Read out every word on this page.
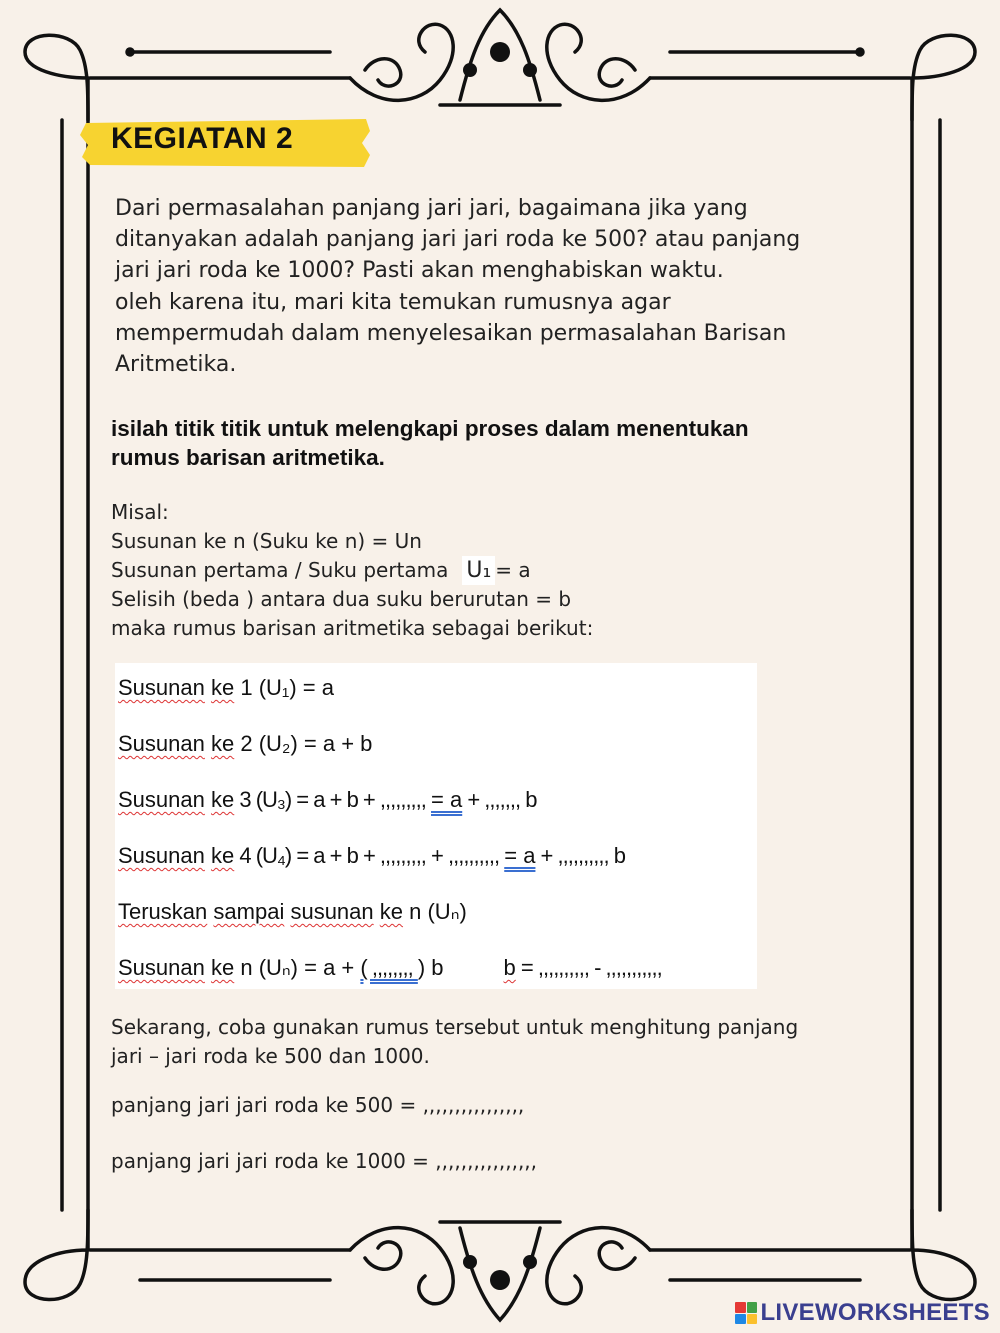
KEGIATAN 2

Dari permasalahan panjang jari jari, bagaimana jika yang

ditanyakan adalah panjang jari jari roda ke 500? atau panjang

jari jari roda ke 1000? Pasti akan menghabiskan waktu.

oleh karena itu, mari kita temukan rumusnya agar

mempermudah dalam menyelesaikan permasalahan Barisan

Aritmetika.

isilah titik titik untuk melengkapi proses dalam menentukan
rumus barisan aritmetika.
Misal:
Susunan ke n (Suku ke n) = Un
Susunan pertama / Suku pertama U₁ = a
Selisih (beda ) antara dua suku berurutan = b
maka rumus barisan aritmetika sebagai berikut:
Susunan ke 1 (U₁) = a
Susunan ke 2 (U₂) = a + b
Susunan ke 3 (U₃) = a + b + ,,,,,,,,, = a + ,,,,,,, b
Susunan ke 4 (U₄) = a + b + ,,,,,,,,, + ,,,,,,,,,, = a + ,,,,,,,,,, b
Teruskan sampai susunan ke n (Uₙ)
Susunan ke n (Uₙ) = a + ( ,,,,,,,, ) b	b = ,,,,,,,,,, - ,,,,,,,,,,,
Sekarang, coba gunakan rumus tersebut untuk menghitung panjang
jari – jari roda ke 500 dan 1000.
panjang jari jari roda ke 500 = ,,,,,,,,,,,,,,,,
panjang jari jari roda ke 1000 = ,,,,,,,,,,,,,,,,
LIVEWORKSHEETS
